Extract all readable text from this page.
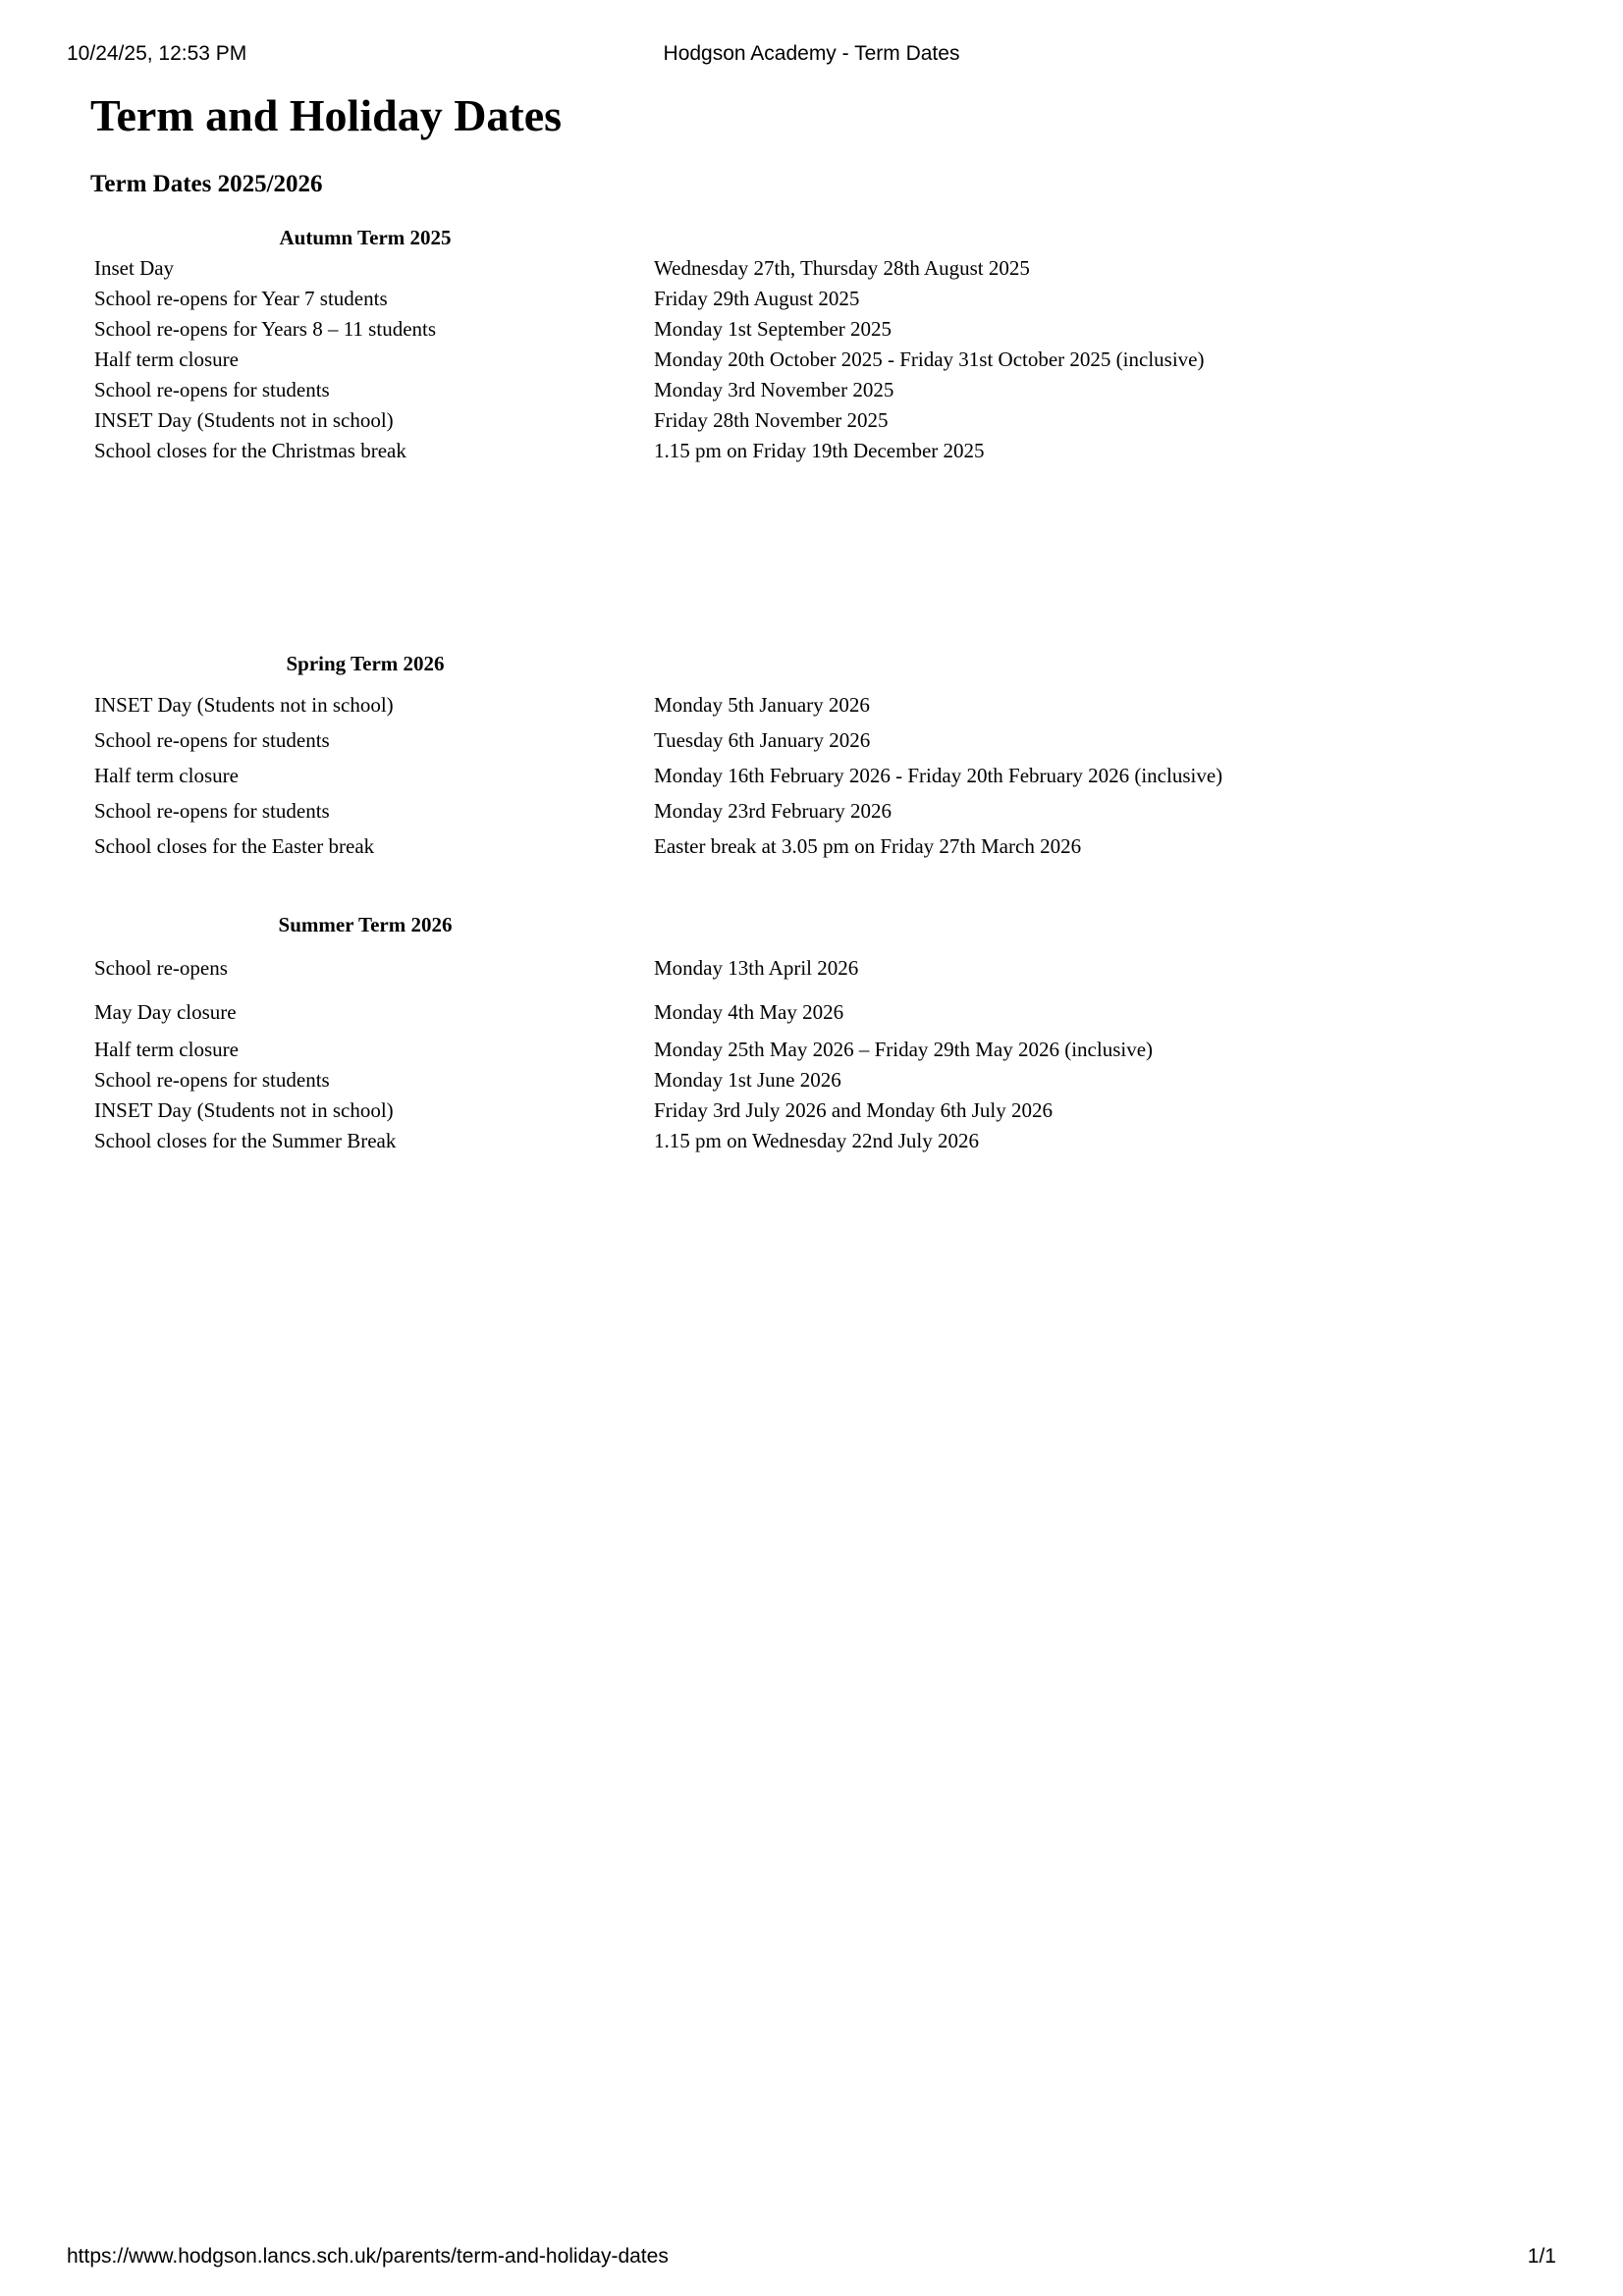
10/24/25, 12:53 PM	Hodgson Academy - Term Dates
Term and Holiday Dates
Term Dates 2025/2026
Autumn Term 2025
Inset Day	Wednesday 27th, Thursday 28th August 2025
School re-opens for Year 7 students	Friday 29th August 2025
School re-opens for Years 8 – 11 students	Monday 1st September 2025
Half term closure	Monday 20th October 2025 - Friday 31st October 2025 (inclusive)
School re-opens for students	Monday 3rd November 2025
INSET Day (Students not in school)	Friday 28th November 2025
School closes for the Christmas break	1.15 pm on Friday 19th December 2025
Spring Term 2026
INSET Day (Students not in school)	Monday 5th January 2026
School re-opens for students	Tuesday 6th January 2026
Half term closure	Monday 16th February 2026 - Friday 20th February 2026 (inclusive)
School re-opens for students	Monday 23rd February 2026
School closes for the Easter break	Easter break at 3.05 pm on Friday 27th March 2026
Summer Term 2026
School re-opens	Monday 13th April 2026
May Day closure	Monday 4th May 2026
Half term closure	Monday 25th May 2026 – Friday 29th May 2026 (inclusive)
School re-opens for students	Monday 1st June 2026
INSET Day (Students not in school)	Friday 3rd July 2026 and Monday 6th July 2026
School closes for the Summer Break	1.15 pm on Wednesday 22nd July 2026
https://www.hodgson.lancs.sch.uk/parents/term-and-holiday-dates	1/1
